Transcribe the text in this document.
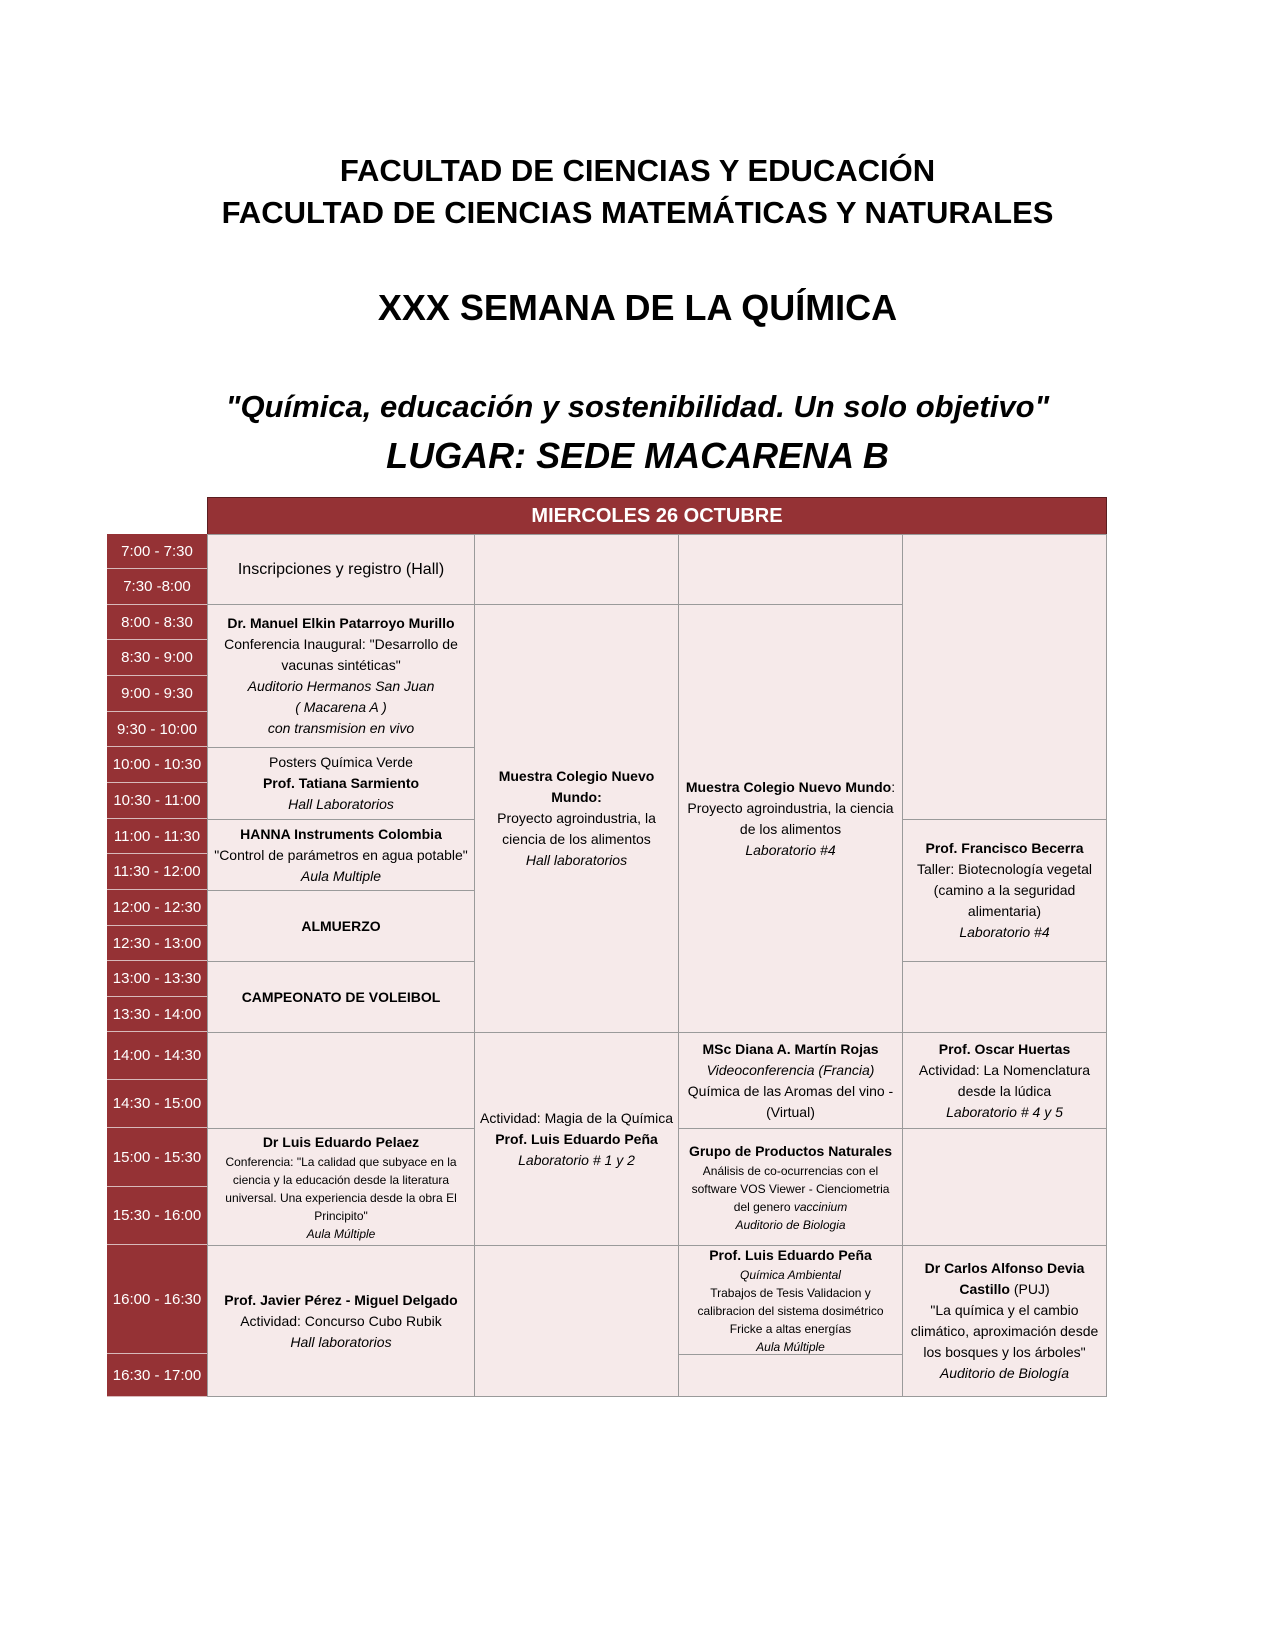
FACULTAD DE CIENCIAS Y EDUCACIÓN
FACULTAD DE CIENCIAS MATEMÁTICAS Y NATURALES
XXX SEMANA DE LA QUÍMICA
"Química, educación y sostenibilidad. Un solo objetivo"
LUGAR: SEDE MACARENA B
MIERCOLES 26 OCTUBRE
Inscripciones y registro (Hall)
Dr. Manuel Elkin Patarroyo Murillo
Conferencia Inaugural: "Desarrollo de vacunas sintéticas"
Auditorio Hermanos San Juan
( Macarena A )
con transmision en vivo
Posters Química Verde
Prof. Tatiana Sarmiento
Hall Laboratorios
HANNA Instruments Colombia
"Control de parámetros en agua potable"
Aula Multiple
ALMUERZO
CAMPEONATO DE VOLEIBOL
Dr Luis Eduardo Pelaez
Conferencia: "La calidad que subyace en la ciencia y la educación desde la literatura universal. Una experiencia desde la obra El Principito"
Aula Múltiple
Prof. Javier Pérez - Miguel Delgado
Actividad: Concurso Cubo Rubik
Hall laboratorios
Muestra Colegio Nuevo Mundo:
Proyecto agroindustria, la ciencia de los alimentos
Hall laboratorios
Actividad: Magia de la Química
Prof. Luis Eduardo Peña
Laboratorio # 1 y 2
Muestra Colegio Nuevo Mundo:
Proyecto agroindustria, la ciencia de los alimentos
Laboratorio #4
MSc Diana A. Martín Rojas
Videoconferencia (Francia)
Química de las Aromas del vino - (Virtual)
Grupo de Productos Naturales
Análisis de co-ocurrencias con el software VOS Viewer - Cienciometria del genero vaccinium
Auditorio de Biologia
Prof. Luis Eduardo Peña
Química Ambiental
Trabajos de Tesis Validacion y calibracion del sistema dosimétrico Fricke a altas energías
Aula Múltiple
Prof. Francisco Becerra
Taller: Biotecnología vegetal (camino a la seguridad alimentaria)
Laboratorio #4
Prof. Oscar Huertas
Actividad: La Nomenclatura desde la lúdica
Laboratorio # 4 y 5
Dr Carlos Alfonso Devia Castillo (PUJ)
"La química y el cambio climático, aproximación desde los bosques y los árboles"
Auditorio de Biología
7:00 - 7:30
7:30 -8:00
8:00 - 8:30
8:30 - 9:00
9:00 - 9:30
9:30 - 10:00
10:00 - 10:30
10:30 - 11:00
11:00 - 11:30
11:30 - 12:00
12:00 - 12:30
12:30 - 13:00
13:00 - 13:30
13:30 - 14:00
14:00 - 14:30
14:30 - 15:00
15:00 - 15:30
15:30 - 16:00
16:00 - 16:30
16:30 - 17:00
